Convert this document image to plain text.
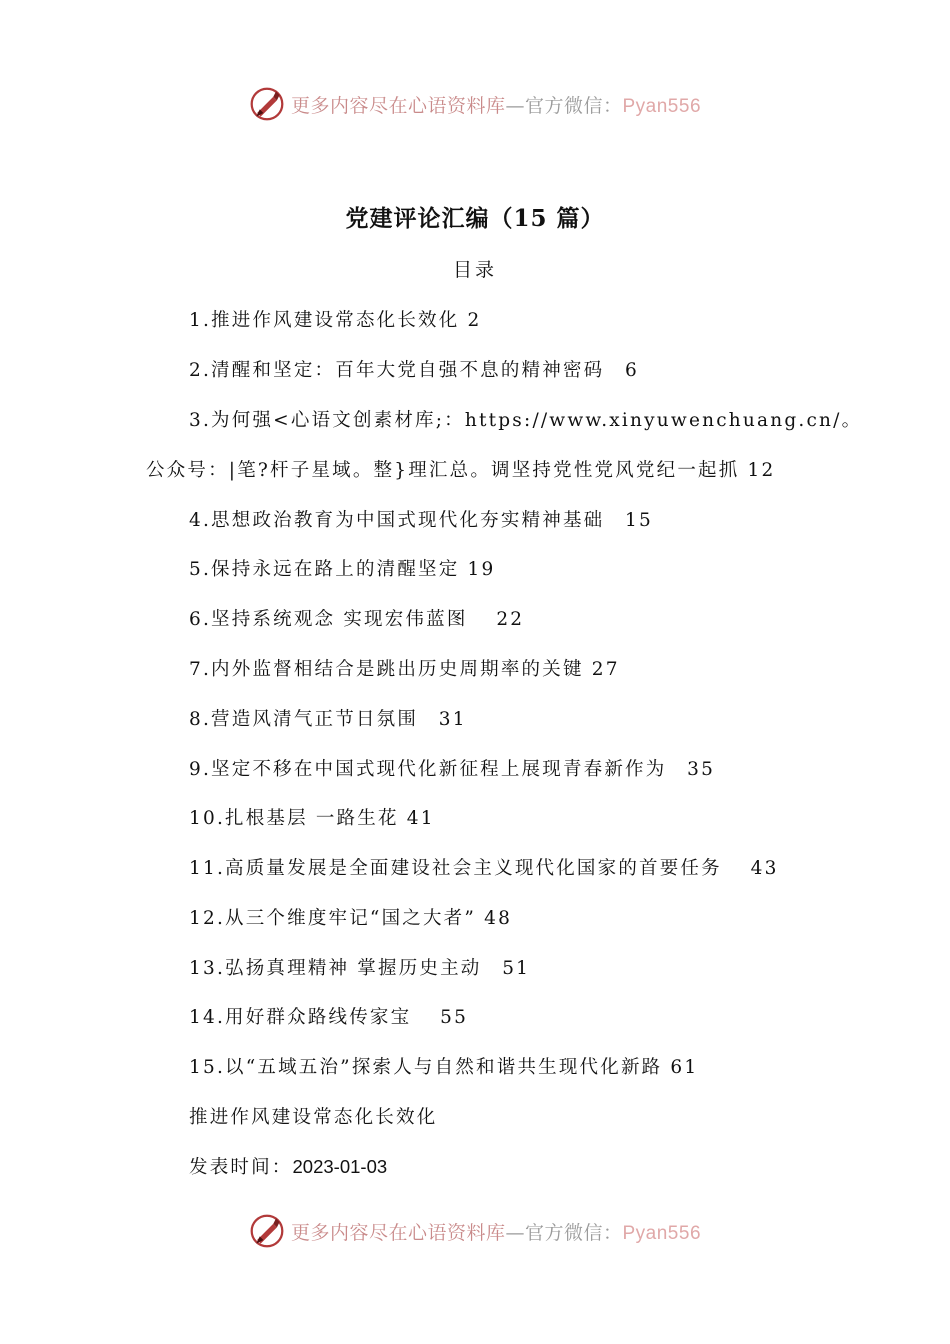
更多内容尽在心语资料库—官方微信：Pyan556
党建评论汇编（15 篇）
目录
1.推进作风建设常态化长效化 2
2.清醒和坚定：百年大党自强不息的精神密码　6
3.为何强<心语文创素材库;：https://www.xinyuwenchuang.cn/。
公众号：|笔?杆子星域。整}理汇总。调坚持党性党风党纪一起抓 12
4.思想政治教育为中国式现代化夯实精神基础　15
5.保持永远在路上的清醒坚定 19
6.坚持系统观念 实现宏伟蓝图　 22
7.内外监督相结合是跳出历史周期率的关键 27
8.营造风清气正节日氛围　31
9.坚定不移在中国式现代化新征程上展现青春新作为　35
10.扎根基层 一路生花 41
11.高质量发展是全面建设社会主义现代化国家的首要任务　 43
12.从三个维度牢记“国之大者” 48
13.弘扬真理精神 掌握历史主动　51
14.用好群众路线传家宝　 55
15.以“五域五治”探索人与自然和谐共生现代化新路 61
推进作风建设常态化长效化
发表时间：2023-01-03
更多内容尽在心语资料库—官方微信：Pyan556
